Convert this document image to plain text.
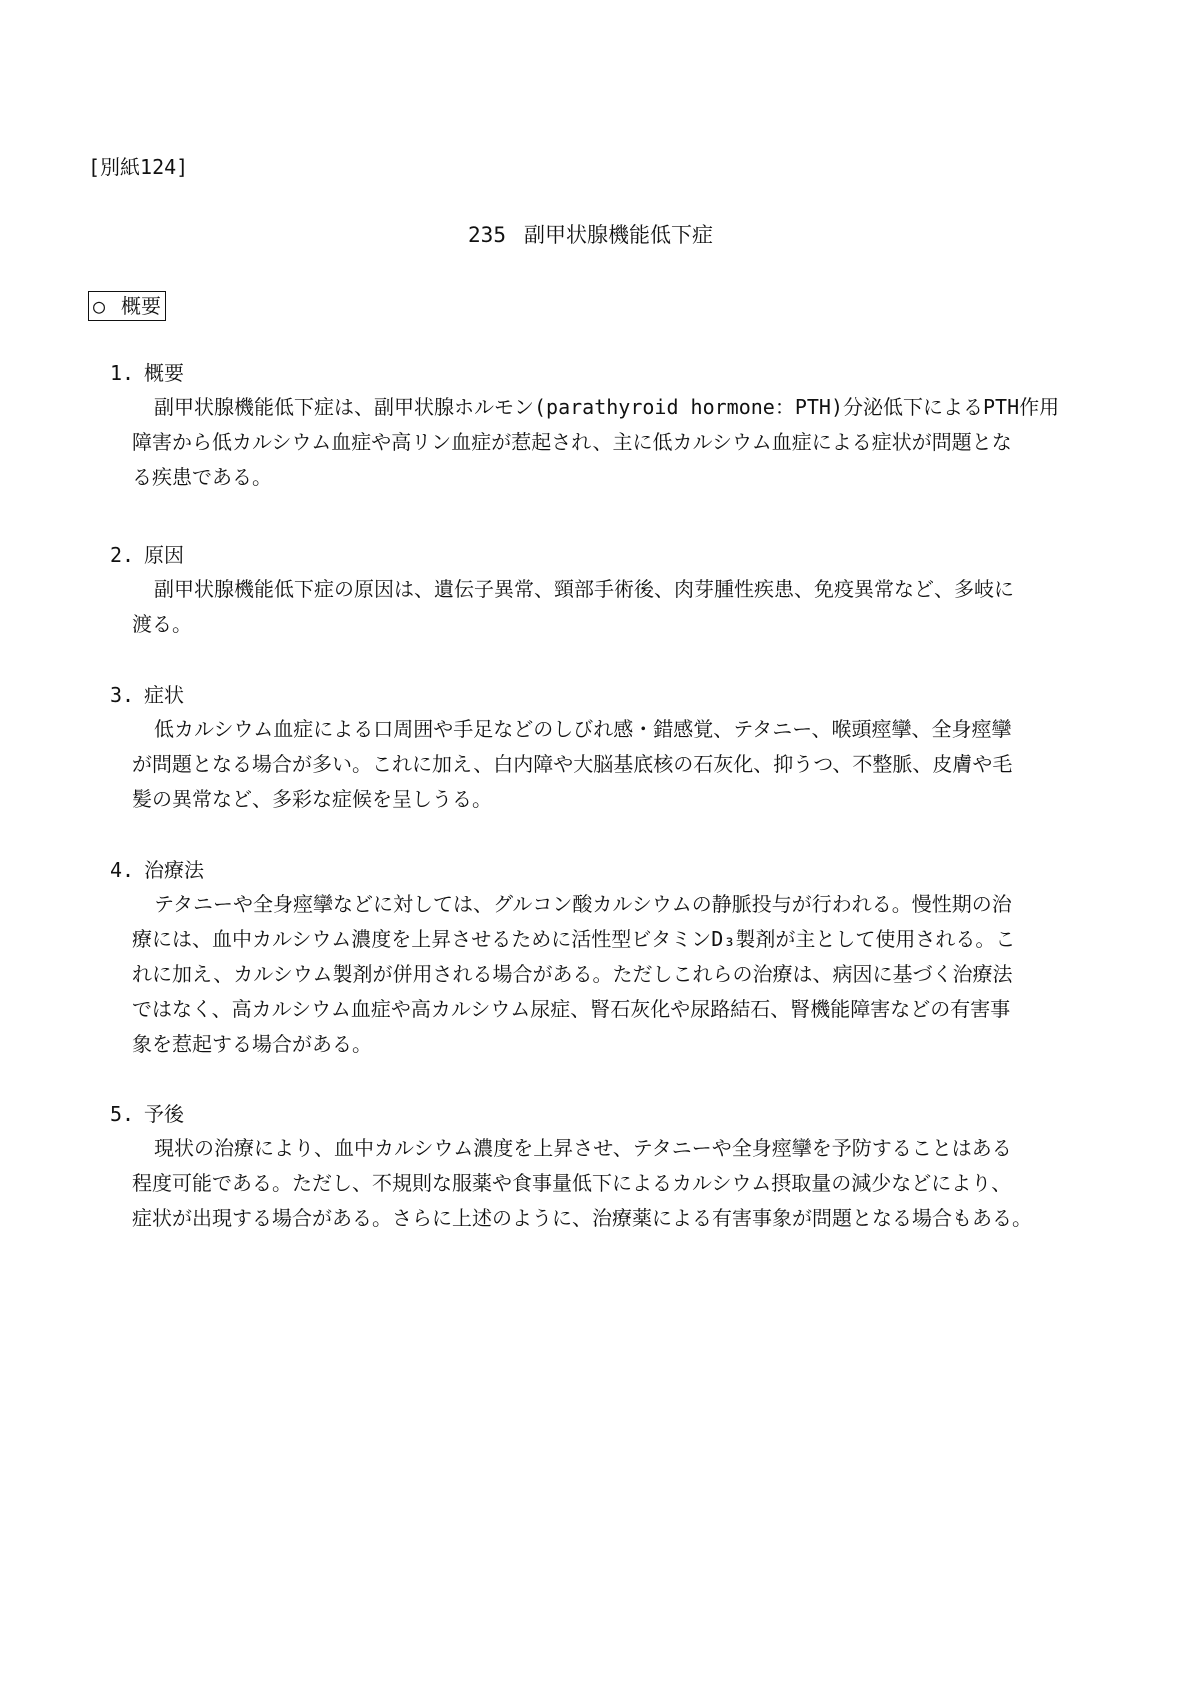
[別紙124]
235 副甲状腺機能低下症
○ 概要
1. 概要
副甲状腺機能低下症は、副甲状腺ホルモン(parathyroid hormone：PTH)分泌低下によるPTH作用
障害から低カルシウム血症や高リン血症が惹起され、主に低カルシウム血症による症状が問題とな
る疾患である。
2. 原因
副甲状腺機能低下症の原因は、遺伝子異常、頸部手術後、肉芽腫性疾患、免疫異常など、多岐に
渡る。
3. 症状
低カルシウム血症による口周囲や手足などのしびれ感・錯感覚、テタニー、喉頭痙攣、全身痙攣
が問題となる場合が多い。これに加え、白内障や大脳基底核の石灰化、抑うつ、不整脈、皮膚や毛
髪の異常など、多彩な症候を呈しうる。
4. 治療法
テタニーや全身痙攣などに対しては、グルコン酸カルシウムの静脈投与が行われる。慢性期の治
療には、血中カルシウム濃度を上昇させるために活性型ビタミンD₃製剤が主として使用される。こ
れに加え、カルシウム製剤が併用される場合がある。ただしこれらの治療は、病因に基づく治療法
ではなく、高カルシウム血症や高カルシウム尿症、腎石灰化や尿路結石、腎機能障害などの有害事
象を惹起する場合がある。
5. 予後
現状の治療により、血中カルシウム濃度を上昇させ、テタニーや全身痙攣を予防することはある
程度可能である。ただし、不規則な服薬や食事量低下によるカルシウム摂取量の減少などにより、
症状が出現する場合がある。さらに上述のように、治療薬による有害事象が問題となる場合もある。
